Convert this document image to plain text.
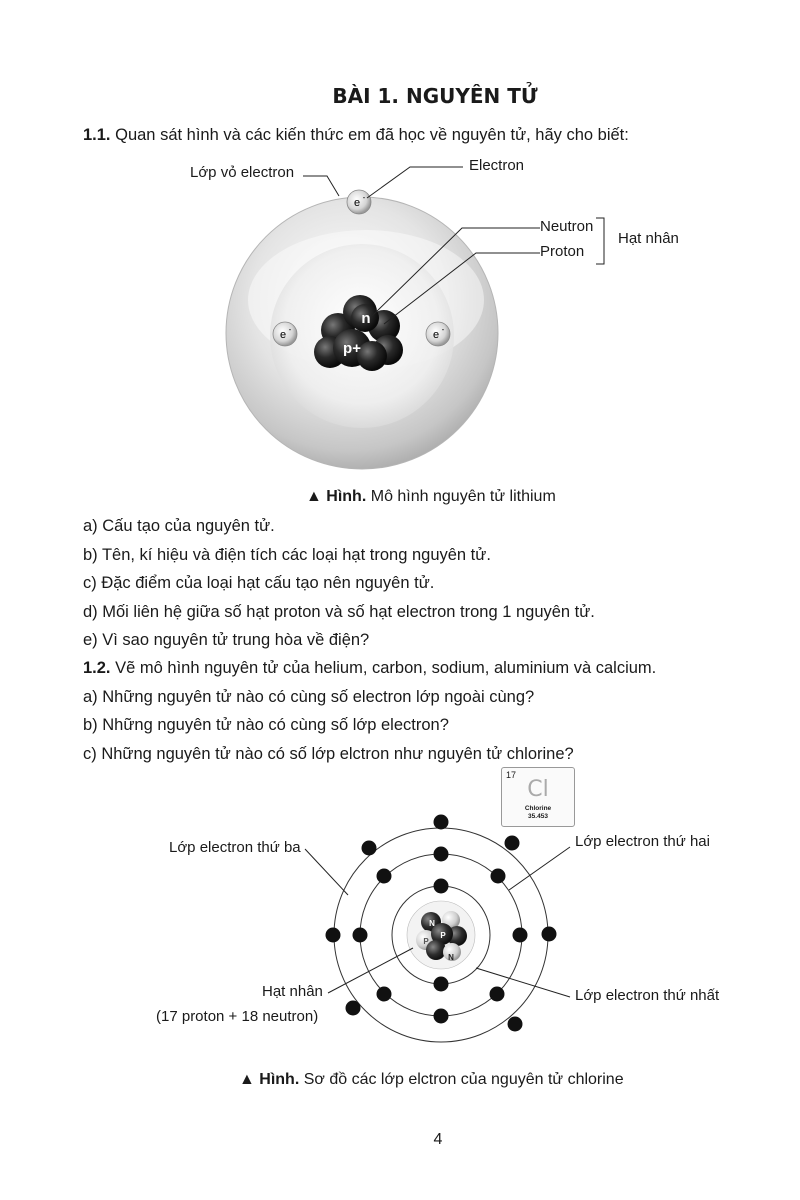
BÀI 1. NGUYÊN TỬ
1.1. Quan sát hình và các kiến thức em đã học về nguyên tử, hãy cho biết:
n
p+
e -
e -	e -
Lớp vỏ electron	Electron
Neutron
Proton
Hạt nhân
▲ Hình. Mô hình nguyên tử lithium
a) Cấu tạo của nguyên tử.
b) Tên, kí hiệu và điện tích các loại hạt trong nguyên tử.
c) Đặc điểm của loại hạt cấu tạo nên nguyên tử.
d) Mối liên hệ giữa số hạt proton và số hạt electron trong 1 nguyên tử.
e) Vì sao nguyên tử trung hòa về điện?
1.2. Vẽ mô hình nguyên tử của helium, carbon, sodium, aluminium và calcium.
a) Những nguyên tử nào có cùng số electron lớp ngoài cùng?
b) Những nguyên tử nào có cùng số lớp electron?
c) Những nguyên tử nào có số lớp elctron như nguyên tử chlorine?
17
Cl
Chlorine
35.453
N
P
P
N
Lớp electron thứ ba	Lớp electron thứ hai
Lớp electron thứ nhất
Hạt nhân
(17 proton + 18 neutron)
▲ Hình. Sơ đồ các lớp elctron của nguyên tử chlorine
4
